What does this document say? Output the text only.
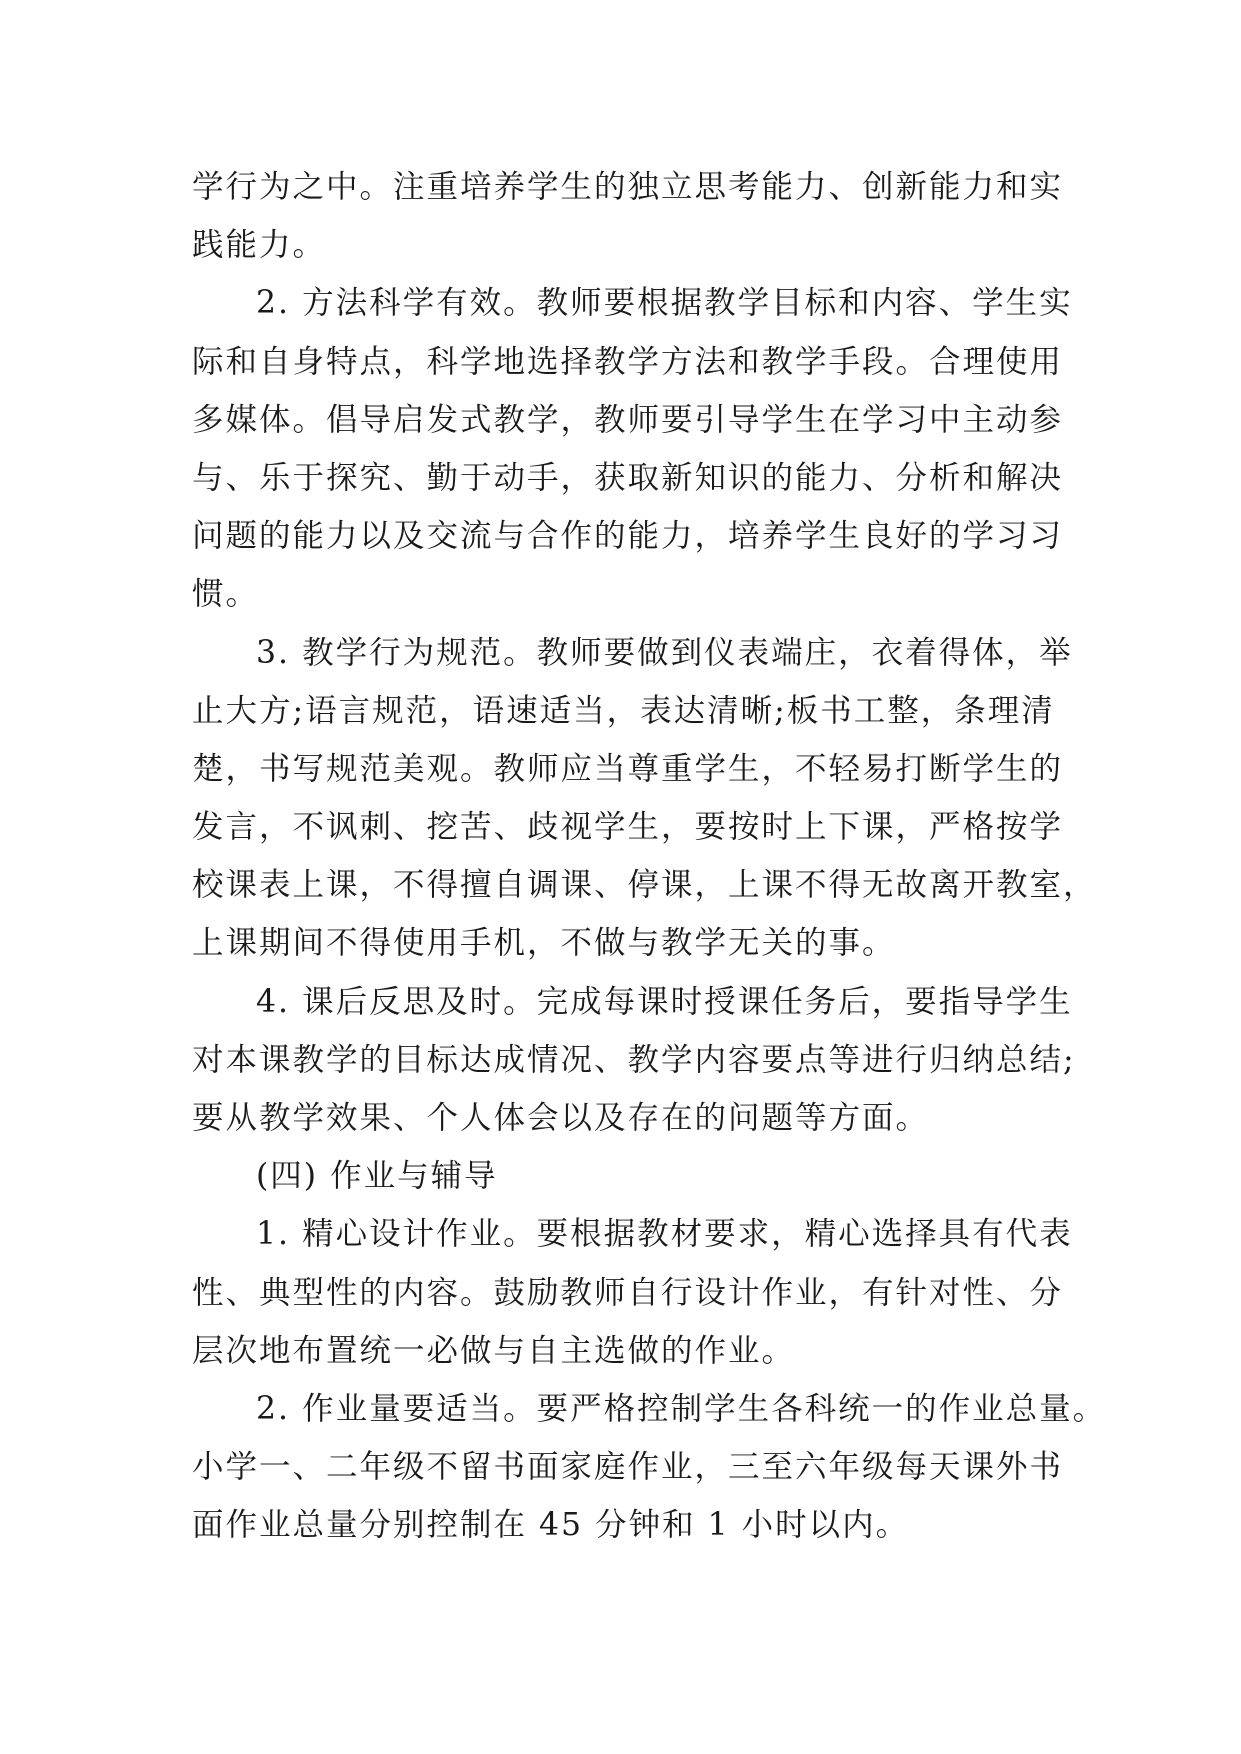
学行为之中。注重培养学生的独立思考能力、创新能力和实
践能力。
2. 方法科学有效。教师要根据教学目标和内容、学生实
际和自身特点，科学地选择教学方法和教学手段。合理使用
多媒体。倡导启发式教学，教师要引导学生在学习中主动参
与、乐于探究、勤于动手，获取新知识的能力、分析和解决
问题的能力以及交流与合作的能力，培养学生良好的学习习
惯。
3. 教学行为规范。教师要做到仪表端庄，衣着得体，举
止大方;语言规范，语速适当，表达清晰;板书工整，条理清
楚，书写规范美观。教师应当尊重学生，不轻易打断学生的
发言，不讽刺、挖苦、歧视学生，要按时上下课，严格按学
校课表上课，不得擅自调课、停课，上课不得无故离开教室，
上课期间不得使用手机，不做与教学无关的事。
4. 课后反思及时。完成每课时授课任务后，要指导学生
对本课教学的目标达成情况、教学内容要点等进行归纳总结;
要从教学效果、个人体会以及存在的问题等方面。
(四) 作业与辅导
1. 精心设计作业。要根据教材要求，精心选择具有代表
性、典型性的内容。鼓励教师自行设计作业，有针对性、分
层次地布置统一必做与自主选做的作业。
2. 作业量要适当。要严格控制学生各科统一的作业总量。
小学一、二年级不留书面家庭作业，三至六年级每天课外书
面作业总量分别控制在 45 分钟和 1 小时以内。
